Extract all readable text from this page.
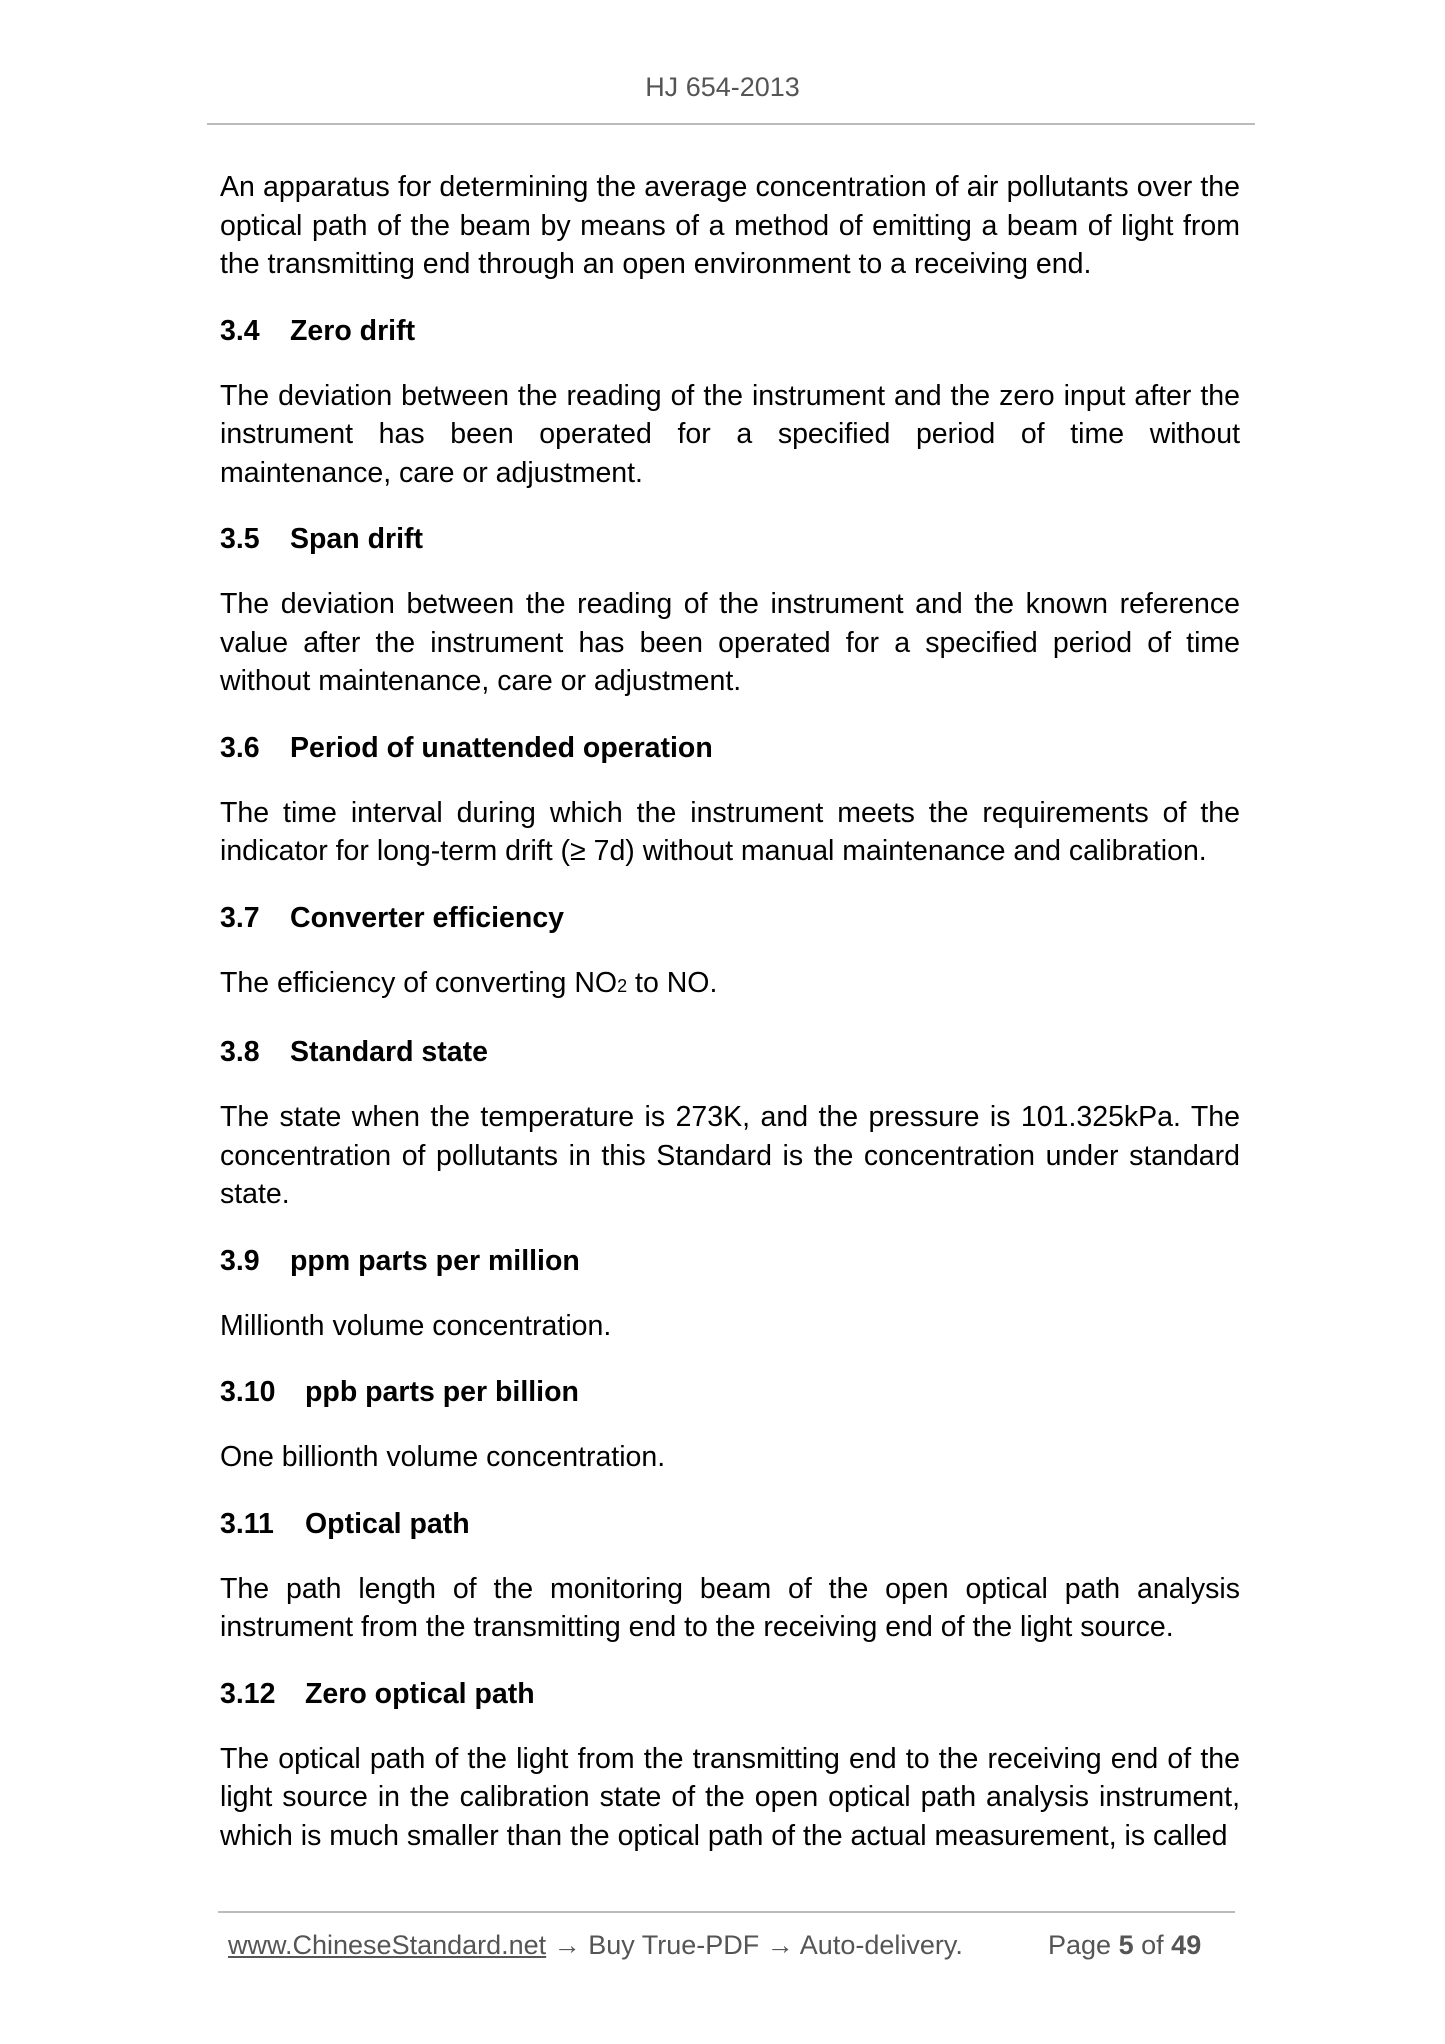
HJ 654-2013

An apparatus for determining the average concentration of air pollutants over the optical path of the beam by means of a method of emitting a beam of light from the transmitting end through an open environment to a receiving end.

3.4 Zero drift

The deviation between the reading of the instrument and the zero input after the instrument has been operated for a specified period of time without maintenance, care or adjustment.

3.5 Span drift

The deviation between the reading of the instrument and the known reference value after the instrument has been operated for a specified period of time without maintenance, care or adjustment.

3.6 Period of unattended operation

The time interval during which the instrument meets the requirements of the indicator for long-term drift (≥ 7d) without manual maintenance and calibration.

3.7 Converter efficiency

The efficiency of converting NO2 to NO.

3.8 Standard state

The state when the temperature is 273K, and the pressure is 101.325kPa. The concentration of pollutants in this Standard is the concentration under standard state.

3.9 ppm parts per million

Millionth volume concentration.

3.10 ppb parts per billion

One billionth volume concentration.

3.11 Optical path

The path length of the monitoring beam of the open optical path analysis instrument from the transmitting end to the receiving end of the light source.

3.12 Zero optical path

The optical path of the light from the transmitting end to the receiving end of the light source in the calibration state of the open optical path analysis instrument, which is much smaller than the optical path of the actual measurement, is called

www.ChineseStandard.net → Buy True-PDF → Auto-delivery.	Page 5 of 49
